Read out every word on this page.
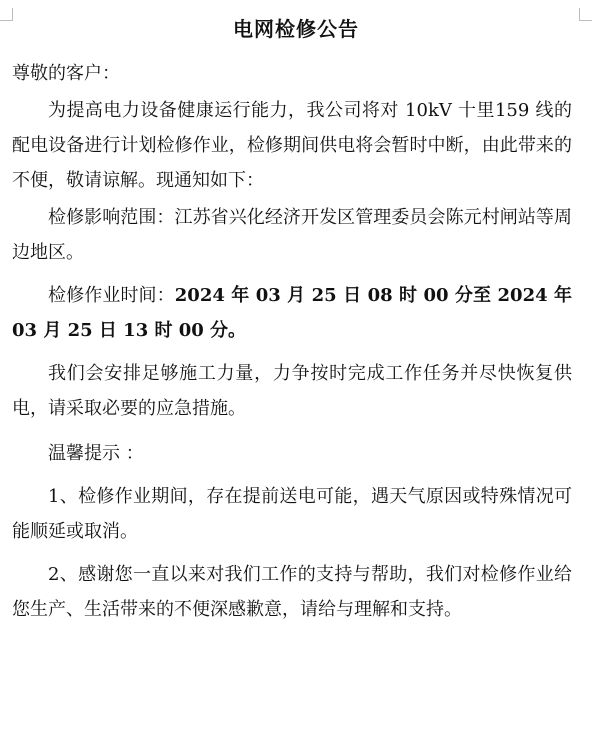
电网检修公告

尊敬的客户：

为提高电力设备健康运行能力，我公司将对 10kV 十里159 线的配电设备进行计划检修作业，检修期间供电将会暂时中断，由此带来的不便，敬请谅解。现通知如下：

检修影响范围：江苏省兴化经济开发区管理委员会陈元村闸站等周边地区。

检修作业时间：2024 年 03 月 25 日 08 时 00 分至 2024 年 03 月 25 日 13 时 00 分。

我们会安排足够施工力量，力争按时完成工作任务并尽快恢复供电，请采取必要的应急措施。

温馨提示 ：

1、检修作业期间，存在提前送电可能，遇天气原因或特殊情况可能顺延或取消。

2、感谢您一直以来对我们工作的支持与帮助，我们对检修作业给您生产、生活带来的不便深感歉意，请给与理解和支持。
